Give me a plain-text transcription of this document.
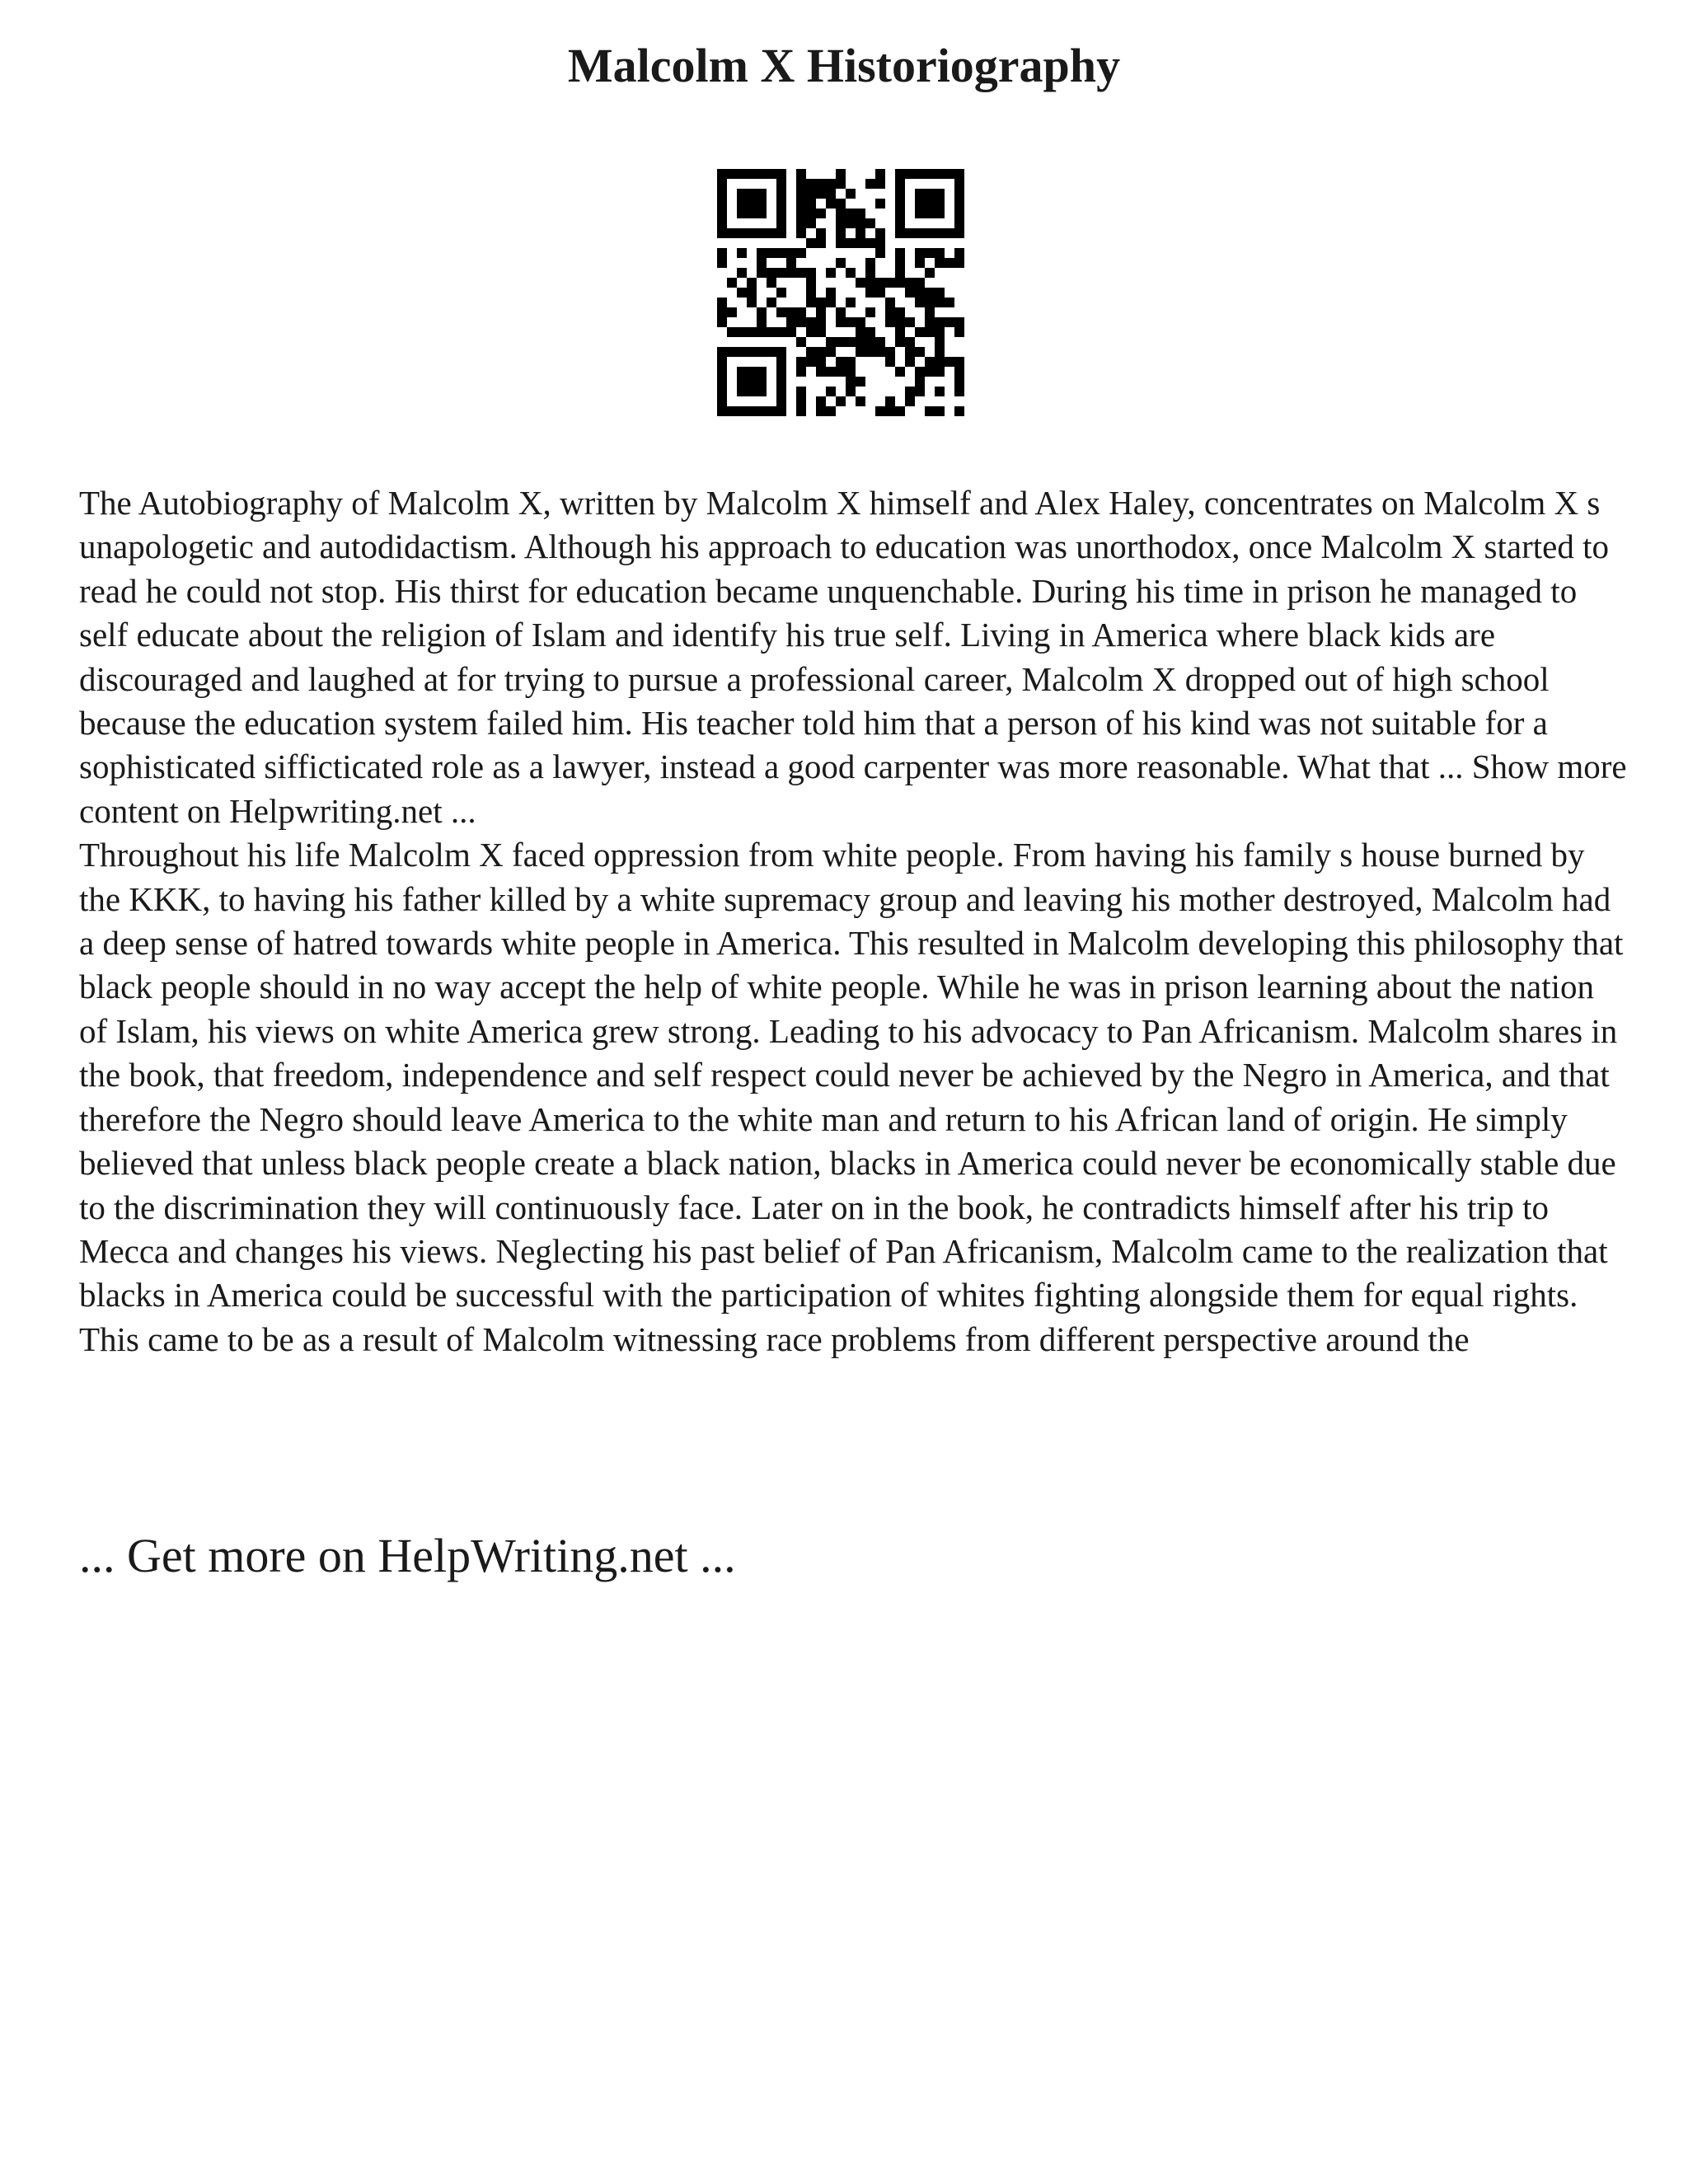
Malcolm X Historiography

The Autobiography of Malcolm X, written by Malcolm X himself and Alex Haley, concentrates on Malcolm X s unapologetic and autodidactism. Although his approach to education was unorthodox, once Malcolm X started to read he could not stop. His thirst for education became unquenchable. During his time in prison he managed to self educate about the religion of Islam and identify his true self. Living in America where black kids are discouraged and laughed at for trying to pursue a professional career, Malcolm X dropped out of high school because the education system failed him. His teacher told him that a person of his kind was not suitable for a sophisticated sifficticated role as a lawyer, instead a good carpenter was more reasonable. What that ... Show more content on Helpwriting.net ...

Throughout his life Malcolm X faced oppression from white people. From having his family s house burned by the KKK, to having his father killed by a white supremacy group and leaving his mother destroyed, Malcolm had a deep sense of hatred towards white people in America. This resulted in Malcolm developing this philosophy that black people should in no way accept the help of white people. While he was in prison learning about the nation of Islam, his views on white America grew strong. Leading to his advocacy to Pan Africanism. Malcolm shares in the book, that freedom, independence and self respect could never be achieved by the Negro in America, and that therefore the Negro should leave America to the white man and return to his African land of origin. He simply believed that unless black people create a black nation, blacks in America could never be economically stable due to the discrimination they will continuously face. Later on in the book, he contradicts himself after his trip to Mecca and changes his views. Neglecting his past belief of Pan Africanism, Malcolm came to the realization that blacks in America could be successful with the participation of whites fighting alongside them for equal rights. This came to be as a result of Malcolm witnessing race problems from different perspective around the

... Get more on HelpWriting.net ...
